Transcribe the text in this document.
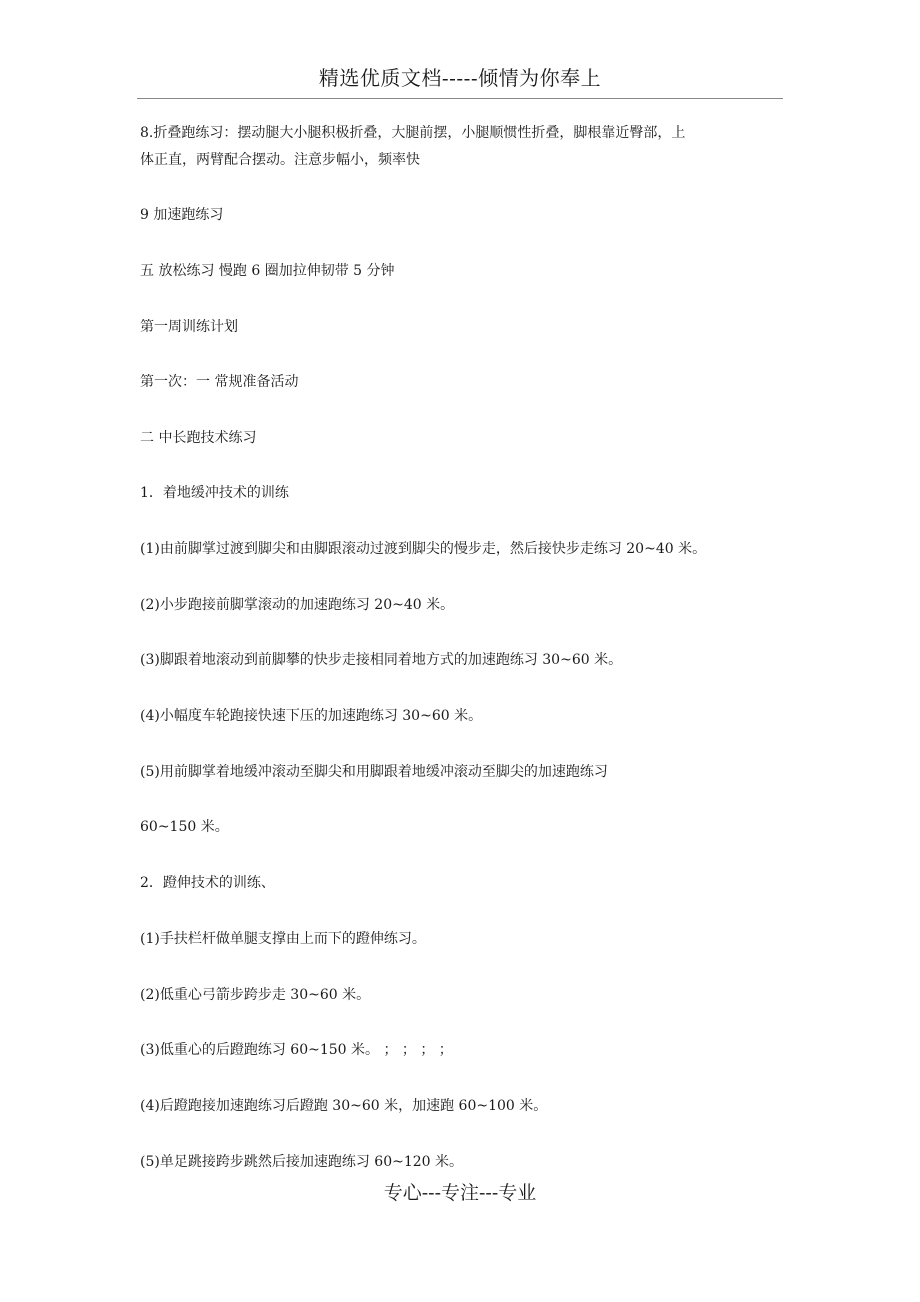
精选优质文档-----倾情为你奉上
8.折叠跑练习：摆动腿大小腿积极折叠，大腿前摆，小腿顺惯性折叠，脚根靠近臀部，上
体正直，两臂配合摆动。注意步幅小，频率快
9 加速跑练习
五 放松练习 慢跑 6 圈加拉伸韧带 5 分钟
第一周训练计划
第一次：一 常规准备活动
二 中长跑技术练习
1．着地缓冲技术的训练
(1)由前脚掌过渡到脚尖和由脚跟滚动过渡到脚尖的慢步走，然后接快步走练习 20~40 米。
(2)小步跑接前脚掌滚动的加速跑练习 20~40 米。
(3)脚跟着地滚动到前脚攀的快步走接相同着地方式的加速跑练习 30~60 米。
(4)小幅度车轮跑接快速下压的加速跑练习 30~60 米。
(5)用前脚掌着地缓冲滚动至脚尖和用脚跟着地缓冲滚动至脚尖的加速跑练习
60~150 米。
2．蹬伸技术的训练、
(1)手扶栏杆做单腿支撑由上而下的蹬伸练习。
(2)低重心弓箭步跨步走 30~60 米。
(3)低重心的后蹬跑练习 60~150 米。 ； ； ； ；
(4)后蹬跑接加速跑练习后蹬跑 30~60 米，加速跑 60~100 米。
(5)单足跳接跨步跳然后接加速跑练习 60~120 米。
专心---专注---专业
